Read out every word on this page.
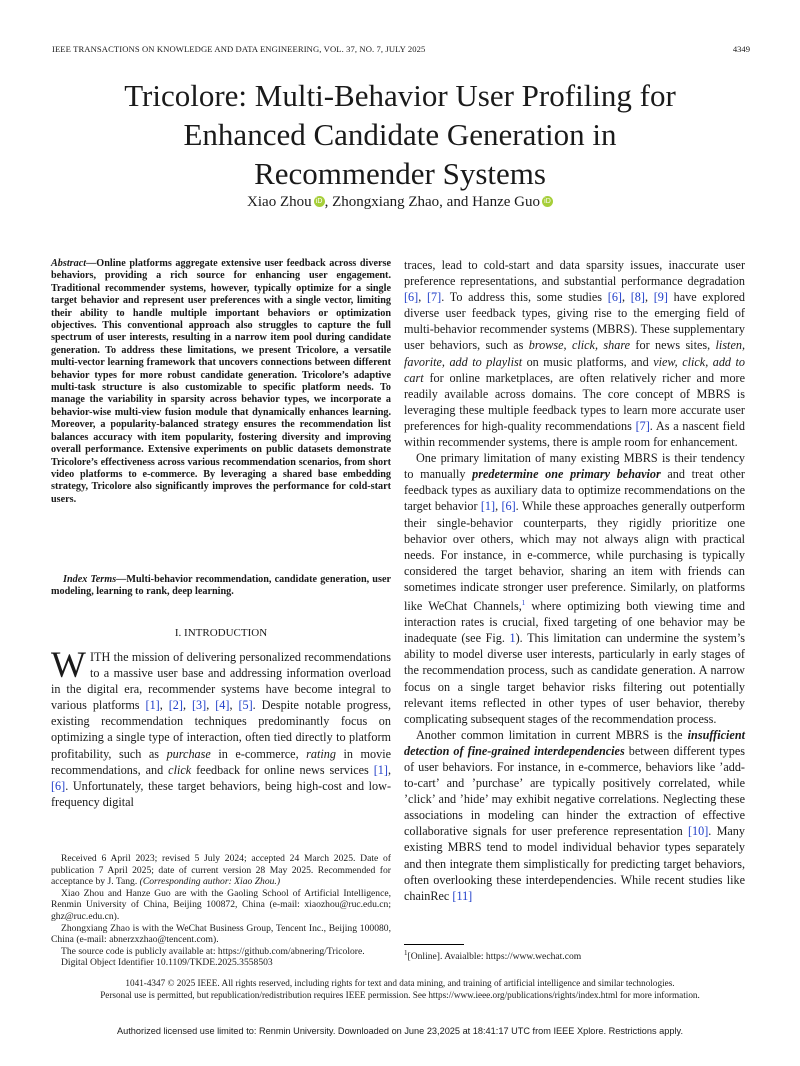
IEEE TRANSACTIONS ON KNOWLEDGE AND DATA ENGINEERING, VOL. 37, NO. 7, JULY 2025	4349
Tricolore: Multi-Behavior User Profiling for
Enhanced Candidate Generation in
Recommender Systems
Xiao Zhou iD , Zhongxiang Zhao, and Hanze Guo iD
Abstract—Online platforms aggregate extensive user feedback across diverse behaviors, providing a rich source for enhancing user engagement. Traditional recommender systems, however, typically optimize for a single target behavior and represent user preferences with a single vector, limiting their ability to handle multiple important behaviors or optimization objectives. This conventional approach also struggles to capture the full spectrum of user interests, resulting in a narrow item pool during candidate generation. To address these limitations, we present Tricolore, a versatile multi-vector learning framework that uncovers connections between different behavior types for more robust candidate generation. Tricolore’s adaptive multi-task structure is also customizable to specific platform needs. To manage the variability in sparsity across behavior types, we incorporate a behavior-wise multi-view fusion module that dynamically enhances learning. Moreover, a popularity-balanced strategy ensures the recommendation list balances accuracy with item popularity, fostering diversity and improving overall performance. Extensive experiments on public datasets demonstrate Tricolore’s effectiveness across various recommendation scenarios, from short video platforms to e-commerce. By leveraging a shared base embedding strategy, Tricolore also significantly improves the performance for cold-start users.
Index Terms—Multi-behavior recommendation, candidate generation, user modeling, learning to rank, deep learning.
I. INTRODUCTION
WITH the mission of delivering personalized recommendations to a massive user base and addressing information overload in the digital era, recommender systems have become integral to various platforms [1], [2], [3], [4], [5]. Despite notable progress, existing recommendation techniques predominantly focus on optimizing a single type of interaction, often tied directly to platform profitability, such as purchase in e-commerce, rating in movie recommendations, and click feedback for online news services [1], [6]. Unfortunately, these target behaviors, being high-cost and low-frequency digital

Received 6 April 2023; revised 5 July 2024; accepted 24 March 2025. Date of publication 7 April 2025; date of current version 28 May 2025. Recommended for acceptance by J. Tang. (Corresponding author: Xiao Zhou.)

Xiao Zhou and Hanze Guo are with the Gaoling School of Artificial Intelligence, Renmin University of China, Beijing 100872, China (e-mail: xiaozhou@ruc.edu.cn; ghz@ruc.edu.cn).

Zhongxiang Zhao is with the WeChat Business Group, Tencent Inc., Beijing 100080, China (e-mail: abnerzxzhao@tencent.com).

The source code is publicly available at: https://github.com/abnering/Tricolore.

Digital Object Identifier 10.1109/TKDE.2025.3558503

traces, lead to cold-start and data sparsity issues, inaccurate user preference representations, and substantial performance degradation [6], [7]. To address this, some studies [6], [8], [9] have explored diverse user feedback types, giving rise to the emerging field of multi-behavior recommender systems (MBRS). These supplementary user behaviors, such as browse, click, share for news sites, listen, favorite, add to playlist on music platforms, and view, click, add to cart for online marketplaces, are often relatively richer and more readily available across domains. The core concept of MBRS is leveraging these multiple feedback types to learn more accurate user preferences for high-quality recommendations [7]. As a nascent field within recommender systems, there is ample room for enhancement.

One primary limitation of many existing MBRS is their tendency to manually predetermine one primary behavior and treat other feedback types as auxiliary data to optimize recommendations on the target behavior [1], [6]. While these approaches generally outperform their single-behavior counterparts, they rigidly prioritize one behavior over others, which may not always align with practical needs. For instance, in e-commerce, while purchasing is typically considered the target behavior, sharing an item with friends can sometimes indicate stronger user preference. Similarly, on platforms like WeChat Channels,$^1$ where optimizing both viewing time and interaction rates is crucial, fixed targeting of one behavior may be inadequate (see Fig. 1). This limitation can undermine the system’s ability to model diverse user interests, particularly in early stages of the recommendation process, such as candidate generation. A narrow focus on a single target behavior risks filtering out potentially relevant items reflected in other types of user behavior, thereby complicating subsequent stages of the recommendation process.

Another common limitation in current MBRS is the insufficient detection of fine-grained interdependencies between different types of user behaviors. For instance, in e-commerce, behaviors like ’add-to-cart’ and ’purchase’ are typically positively correlated, while ’click’ and ’hide’ may exhibit negative correlations. Neglecting these associations in modeling can hinder the extraction of effective collaborative signals for user preference representation [10]. Many existing MBRS tend to model individual behavior types separately and then integrate them simplistically for predicting target behaviors, often overlooking these interdependencies. While recent studies like chainRec [11]

$^1$[Online]. Avaialble: https://www.wechat.com
1041-4347 © 2025 IEEE. All rights reserved, including rights for text and data mining, and training of artificial intelligence and similar technologies.
Personal use is permitted, but republication/redistribution requires IEEE permission. See https://www.ieee.org/publications/rights/index.html for more information.
Authorized licensed use limited to: Renmin University. Downloaded on June 23,2025 at 18:41:17 UTC from IEEE Xplore. Restrictions apply.
